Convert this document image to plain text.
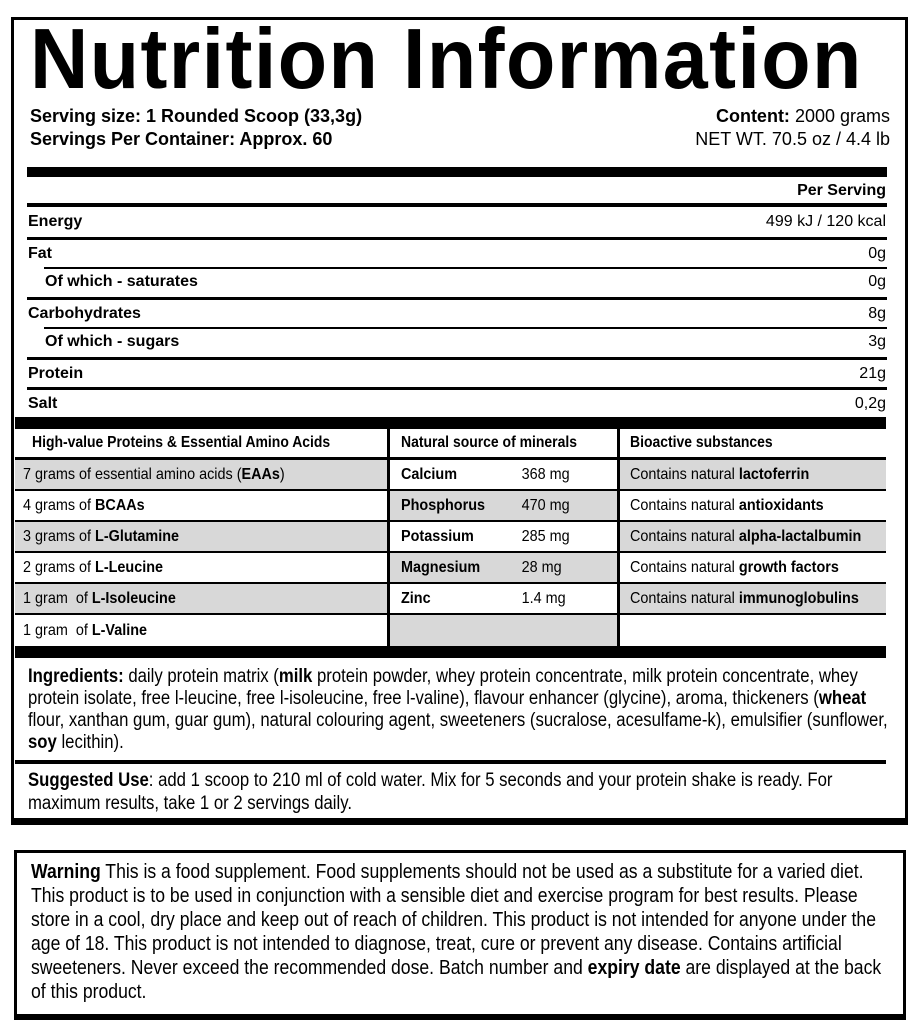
Nutrition Information
Serving size: 1 Rounded Scoop (33,3g)
Servings Per Container: Approx. 60
Content: 2000 grams
NET WT. 70.5 oz / 4.4 lb
Per Serving
Energy	499 kJ / 120 kcal
Fat	0g
Of which - saturates	0g
Carbohydrates	8g
Of which - sugars	3g
Protein	21g
Salt	0,2g
High-value Proteins & Essential Amino Acids	Natural source of minerals	Bioactive substances
7 grams of essential amino acids (EAAs)	Calcium	368 mg	Contains natural lactoferrin
4 grams of BCAAs	Phosphorus 470 mg	Contains natural antioxidants
3 grams of L-Glutamine	Potassium	285 mg	Contains natural alpha-lactalbumin
2 grams of L-Leucine	Magnesium	28 mg	Contains natural growth factors
1 gram  of L-Isoleucine	Zinc	1.4 mg	Contains natural immunoglobulins
1 gram  of L-Valine
Ingredients: daily protein matrix (milk protein powder, whey protein concentrate, milk protein concentrate, whey protein isolate, free l-leucine, free l-isoleucine, free l-valine), flavour enhancer (glycine), aroma, thickeners (wheat flour, xanthan gum, guar gum), natural colouring agent, sweeteners (sucralose, acesulfame-k), emulsifier (sunflower, soy lecithin).
Suggested Use: add 1 scoop to 210 ml of cold water. Mix for 5 seconds and your protein shake is ready. For maximum results, take 1 or 2 servings daily.
Warning This is a food supplement. Food supplements should not be used as a substitute for a varied diet. This product is to be used in conjunction with a sensible diet and exercise program for best results. Please store in a cool, dry place and keep out of reach of children. This product is not intended for anyone under the age of 18. This product is not intended to diagnose, treat, cure or prevent any disease. Contains artificial sweeteners. Never exceed the recommended dose. Batch number and expiry date are displayed at the back of this product.
